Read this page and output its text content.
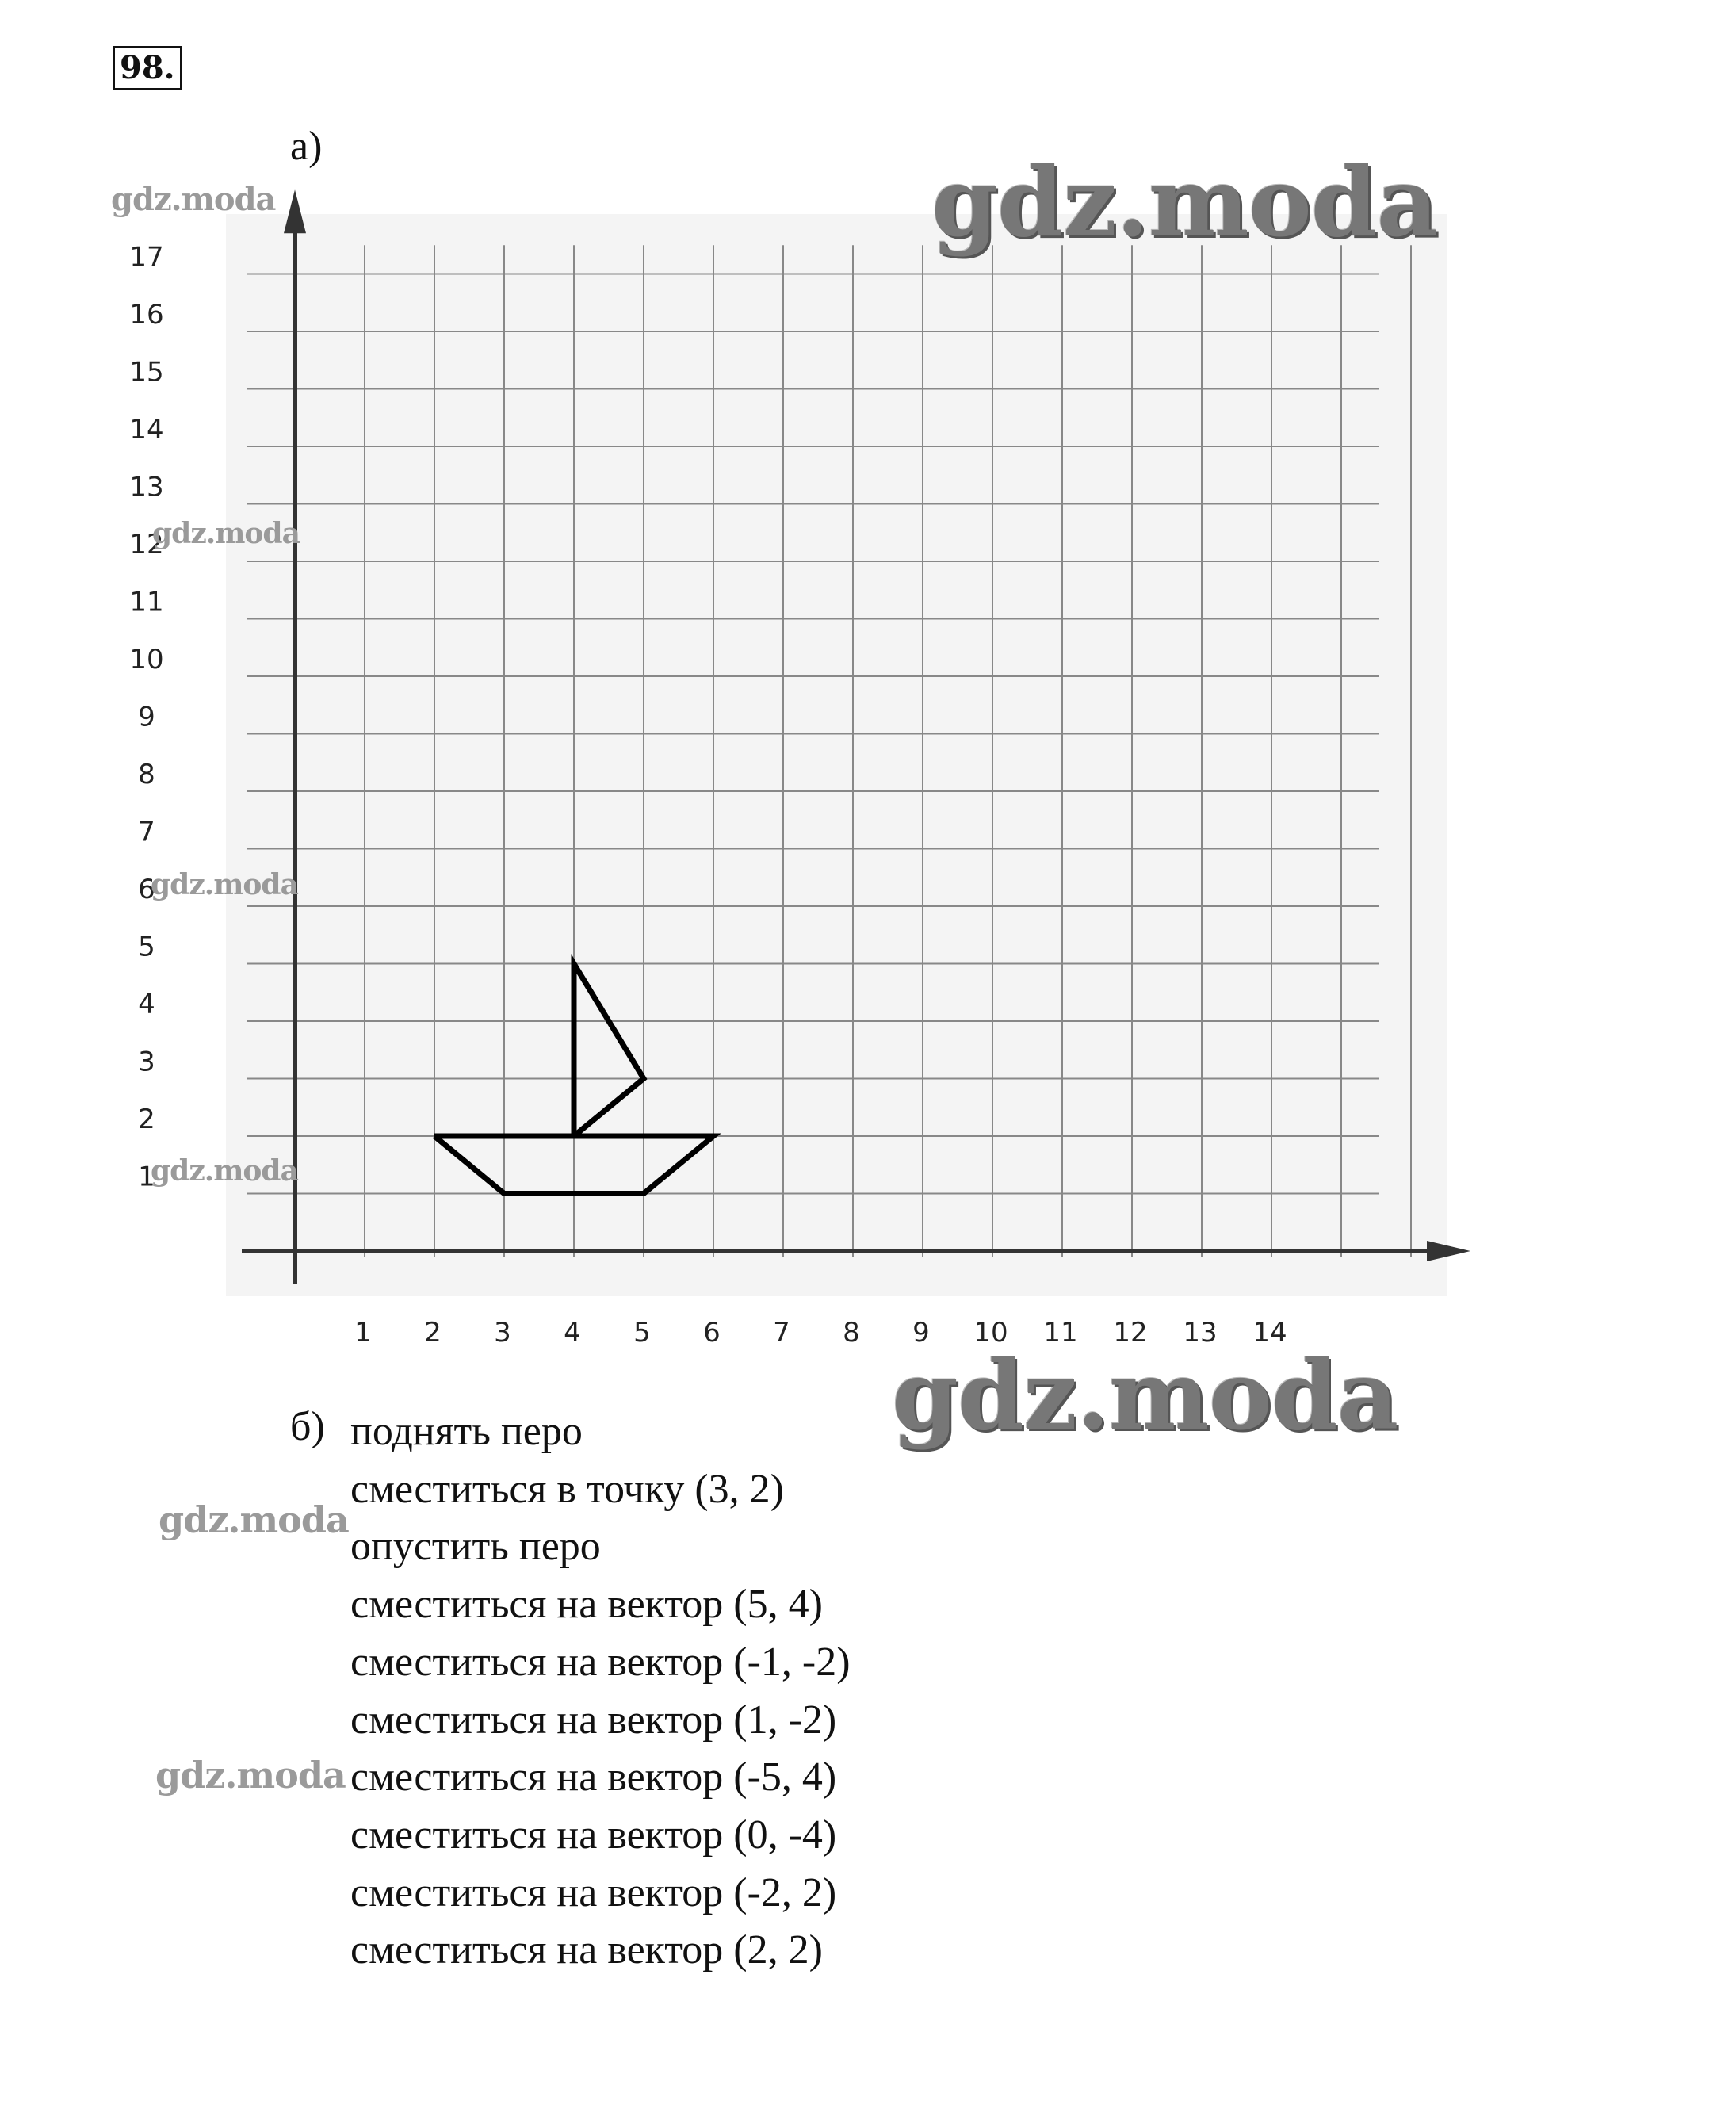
98.
а)
1 2 3 4 5 6 7 8 9 10 11 12 13 14
1
2
3
4
5
6
7
8
9
10
11
12
13
14
15
16
17
gdz.moda	gdz.moda
gdz.moda
gdz.moda
gdz.moda
gdz.moda
gdz.moda
gdz.moda
б) поднять перо
сместиться в точку (3, 2)
опустить перо
сместиться на вектор (5, 4)
сместиться на вектор (-1, -2)
сместиться на вектор (1, -2)
сместиться на вектор (-5, 4)
сместиться на вектор (0, -4)
сместиться на вектор (-2, 2)
сместиться на вектор (2, 2)
